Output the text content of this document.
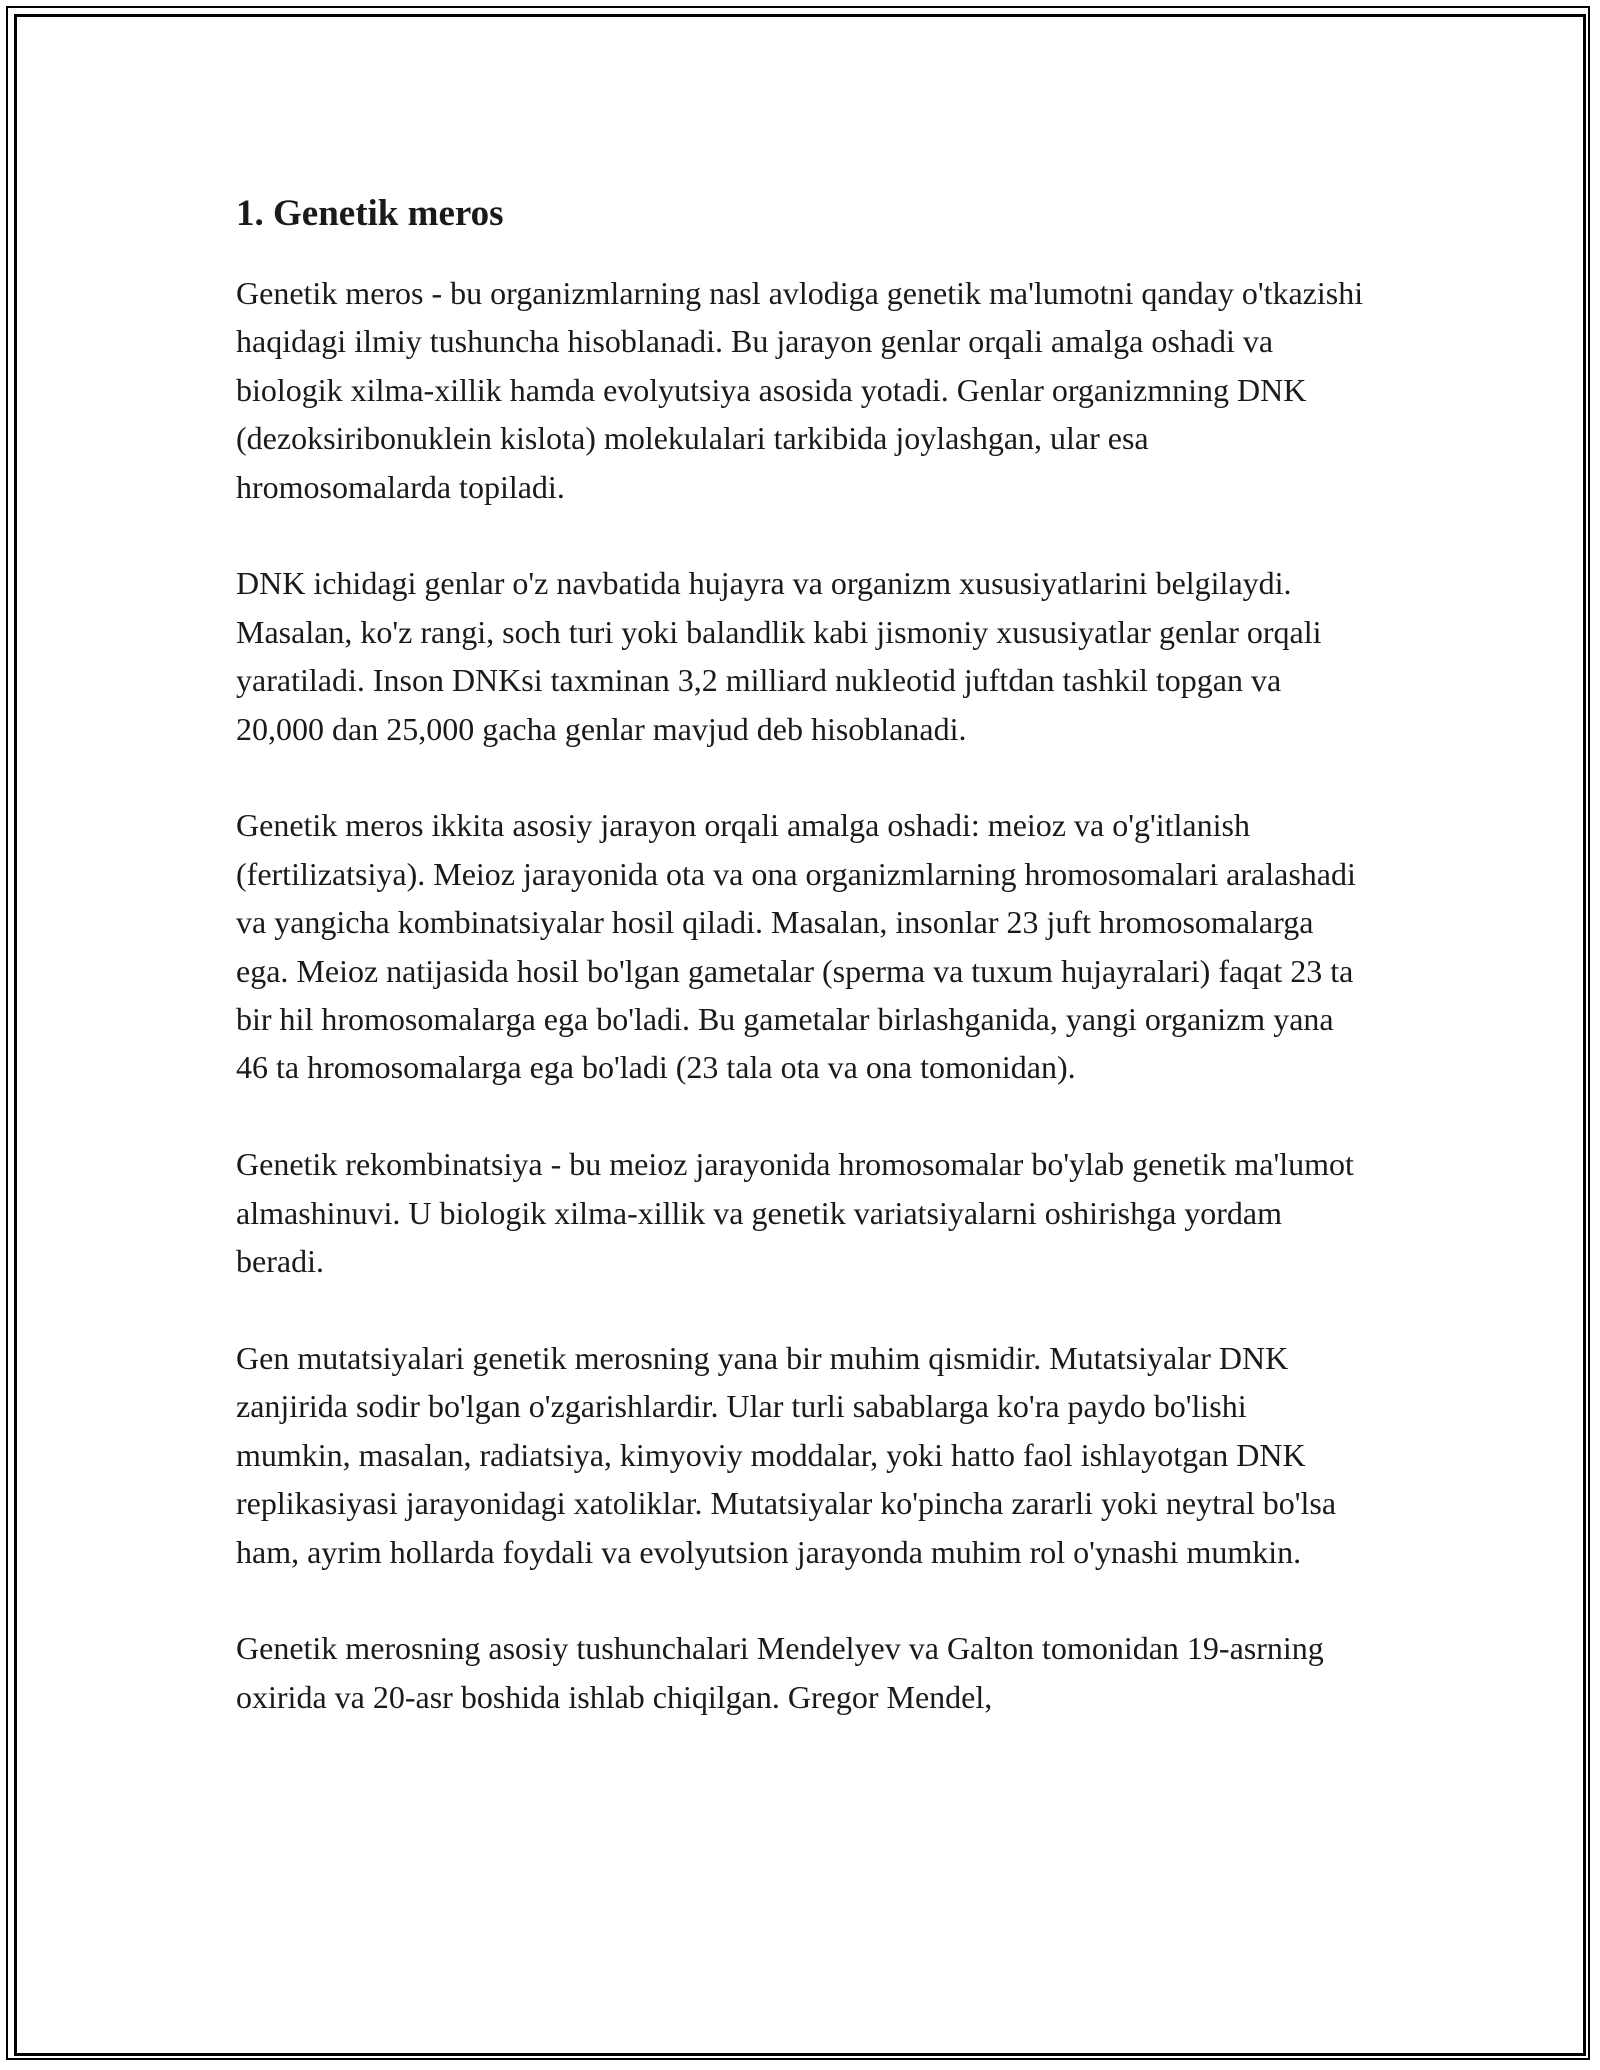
1. Genetik meros

Genetik meros - bu organizmlarning nasl avlodiga genetik ma'lumotni qanday o'tkazishi haqidagi ilmiy tushuncha hisoblanadi. Bu jarayon genlar orqali amalga oshadi va biologik xilma-xillik hamda evolyutsiya asosida yotadi. Genlar organizmning DNK (dezoksiribonuklein kislota) molekulalari tarkibida joylashgan, ular esa hromosomalarda topiladi.

DNK ichidagi genlar o'z navbatida hujayra va organizm xususiyatlarini belgilaydi. Masalan, ko'z rangi, soch turi yoki balandlik kabi jismoniy xususiyatlar genlar orqali yaratiladi. Inson DNKsi taxminan 3,2 milliard nukleotid juftdan tashkil topgan va 20,000 dan 25,000 gacha genlar mavjud deb hisoblanadi.

Genetik meros ikkita asosiy jarayon orqali amalga oshadi: meioz va o'g'itlanish (fertilizatsiya). Meioz jarayonida ota va ona organizmlarning hromosomalari aralashadi va yangicha kombinatsiyalar hosil qiladi. Masalan, insonlar 23 juft hromosomalarga ega. Meioz natijasida hosil bo'lgan gametalar (sperma va tuxum hujayralari) faqat 23 ta bir hil hromosomalarga ega bo'ladi. Bu gametalar birlashganida, yangi organizm yana 46 ta hromosomalarga ega bo'ladi (23 tala ota va ona tomonidan).

Genetik rekombinatsiya - bu meioz jarayonida hromosomalar bo'ylab genetik ma'lumot almashinuvi. U biologik xilma-xillik va genetik variatsiyalarni oshirishga yordam beradi.

Gen mutatsiyalari genetik merosning yana bir muhim qismidir. Mutatsiyalar DNK zanjirida sodir bo'lgan o'zgarishlardir. Ular turli sabablarga ko'ra paydo bo'lishi mumkin, masalan, radiatsiya, kimyoviy moddalar, yoki hatto faol ishlayotgan DNK replikasiyasi jarayonidagi xatoliklar. Mutatsiyalar ko'pincha zararli yoki neytral bo'lsa ham, ayrim hollarda foydali va evolyutsion jarayonda muhim rol o'ynashi mumkin.

Genetik merosning asosiy tushunchalari Mendelyev va Galton tomonidan 19-asrning oxirida va 20-asr boshida ishlab chiqilgan. Gregor Mendel,
